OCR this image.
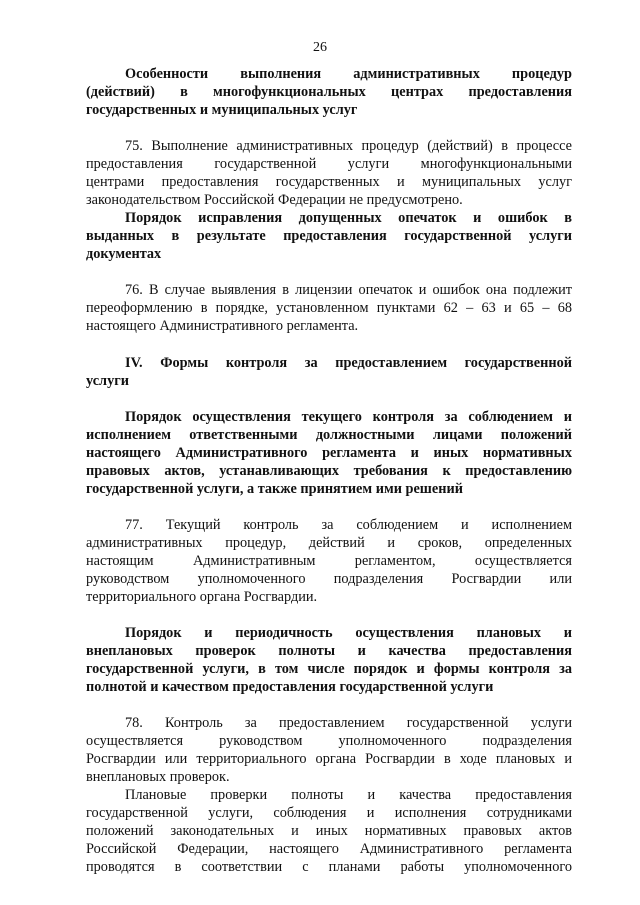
26
Особенности выполнения административных процедур
(действий) в многофункциональных центрах предоставления
государственных и муниципальных услуг
75. Выполнение административных процедур (действий) в процессе
предоставления государственной услуги многофункциональными
центрами предоставления государственных и муниципальных услуг
законодательством Российской Федерации не предусмотрено.
Порядок исправления допущенных опечаток и ошибок в
выданных в результате предоставления государственной услуги
документах
76. В случае выявления в лицензии опечаток и ошибок она подлежит
переоформлению в порядке, установленном пунктами 62 – 63 и 65 – 68
настоящего Административного регламента.
IV. Формы контроля за предоставлением государственной
услуги
Порядок осуществления текущего контроля за соблюдением и
исполнением ответственными должностными лицами положений
настоящего Административного регламента и иных нормативных
правовых актов, устанавливающих требования к предоставлению
государственной услуги, а также принятием ими решений
77. Текущий контроль за соблюдением и исполнением
административных процедур, действий и сроков, определенных
настоящим Административным регламентом, осуществляется
руководством уполномоченного подразделения Росгвардии или
территориального органа Росгвардии.
Порядок и периодичность осуществления плановых и
внеплановых проверок полноты и качества предоставления
государственной услуги, в том числе порядок и формы контроля за
полнотой и качеством предоставления государственной услуги
78. Контроль за предоставлением государственной услуги
осуществляется руководством уполномоченного подразделения
Росгвардии или территориального органа Росгвардии в ходе плановых и
внеплановых проверок.
Плановые проверки полноты и качества предоставления
государственной услуги, соблюдения и исполнения сотрудниками
положений законодательных и иных нормативных правовых актов
Российской Федерации, настоящего Административного регламента
проводятся в соответствии с планами работы уполномоченного
